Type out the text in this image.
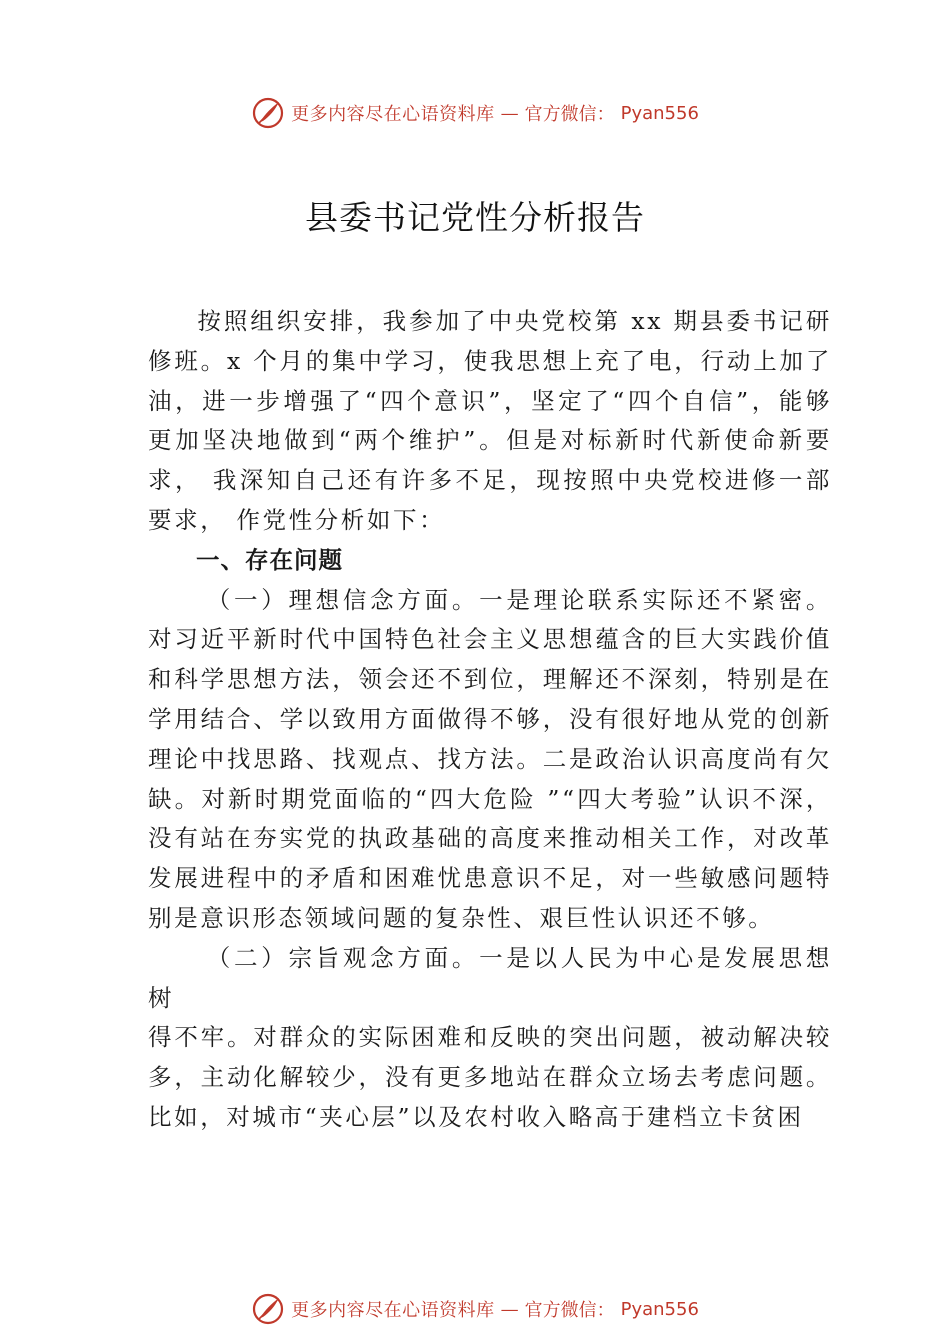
更多内容尽在心语资料库 — 官方微信： Pyan556
县委书记党性分析报告

按照组织安排，我参加了中央党校第 xx 期县委书记研修班。x 个月的集中学习，使我思想上充了电，行动上加了油，进一步增强了“四个意识”，坚定了“四个自信”，能够 更加坚决地做到“两个维护”。但是对标新时代新使命新要求， 我深知自己还有许多不足，现按照中央党校进修一部要求， 作党性分析如下：

一、存在问题

（一）理想信念方面。一是理论联系实际还不紧密。对习近平新时代中国特色社会主义思想蕴含的巨大实践价值和科学思想方法，领会还不到位，理解还不深刻，特别是在学用结合、学以致用方面做得不够，没有很好地从党的创新理论中找思路、找观点、找方法。二是政治认识高度尚有欠缺。对新时期党面临的“四大危险 ”“四大考验”认识不深，没有站在夯实党的执政基础的高度来推动相关工作，对改革发展进程中的矛盾和困难忧患意识不足，对一些敏感问题特别是意识形态领域问题的复杂性、艰巨性认识还不够。

（二）宗旨观念方面。一是以人民为中心是发展思想树

得不牢。对群众的实际困难和反映的突出问题，被动解决较多，主动化解较少，没有更多地站在群众立场去考虑问题。 比如，对城市“夹心层”以及农村收入略高于建档立卡贫困

更多内容尽在心语资料库 — 官方微信： Pyan556
